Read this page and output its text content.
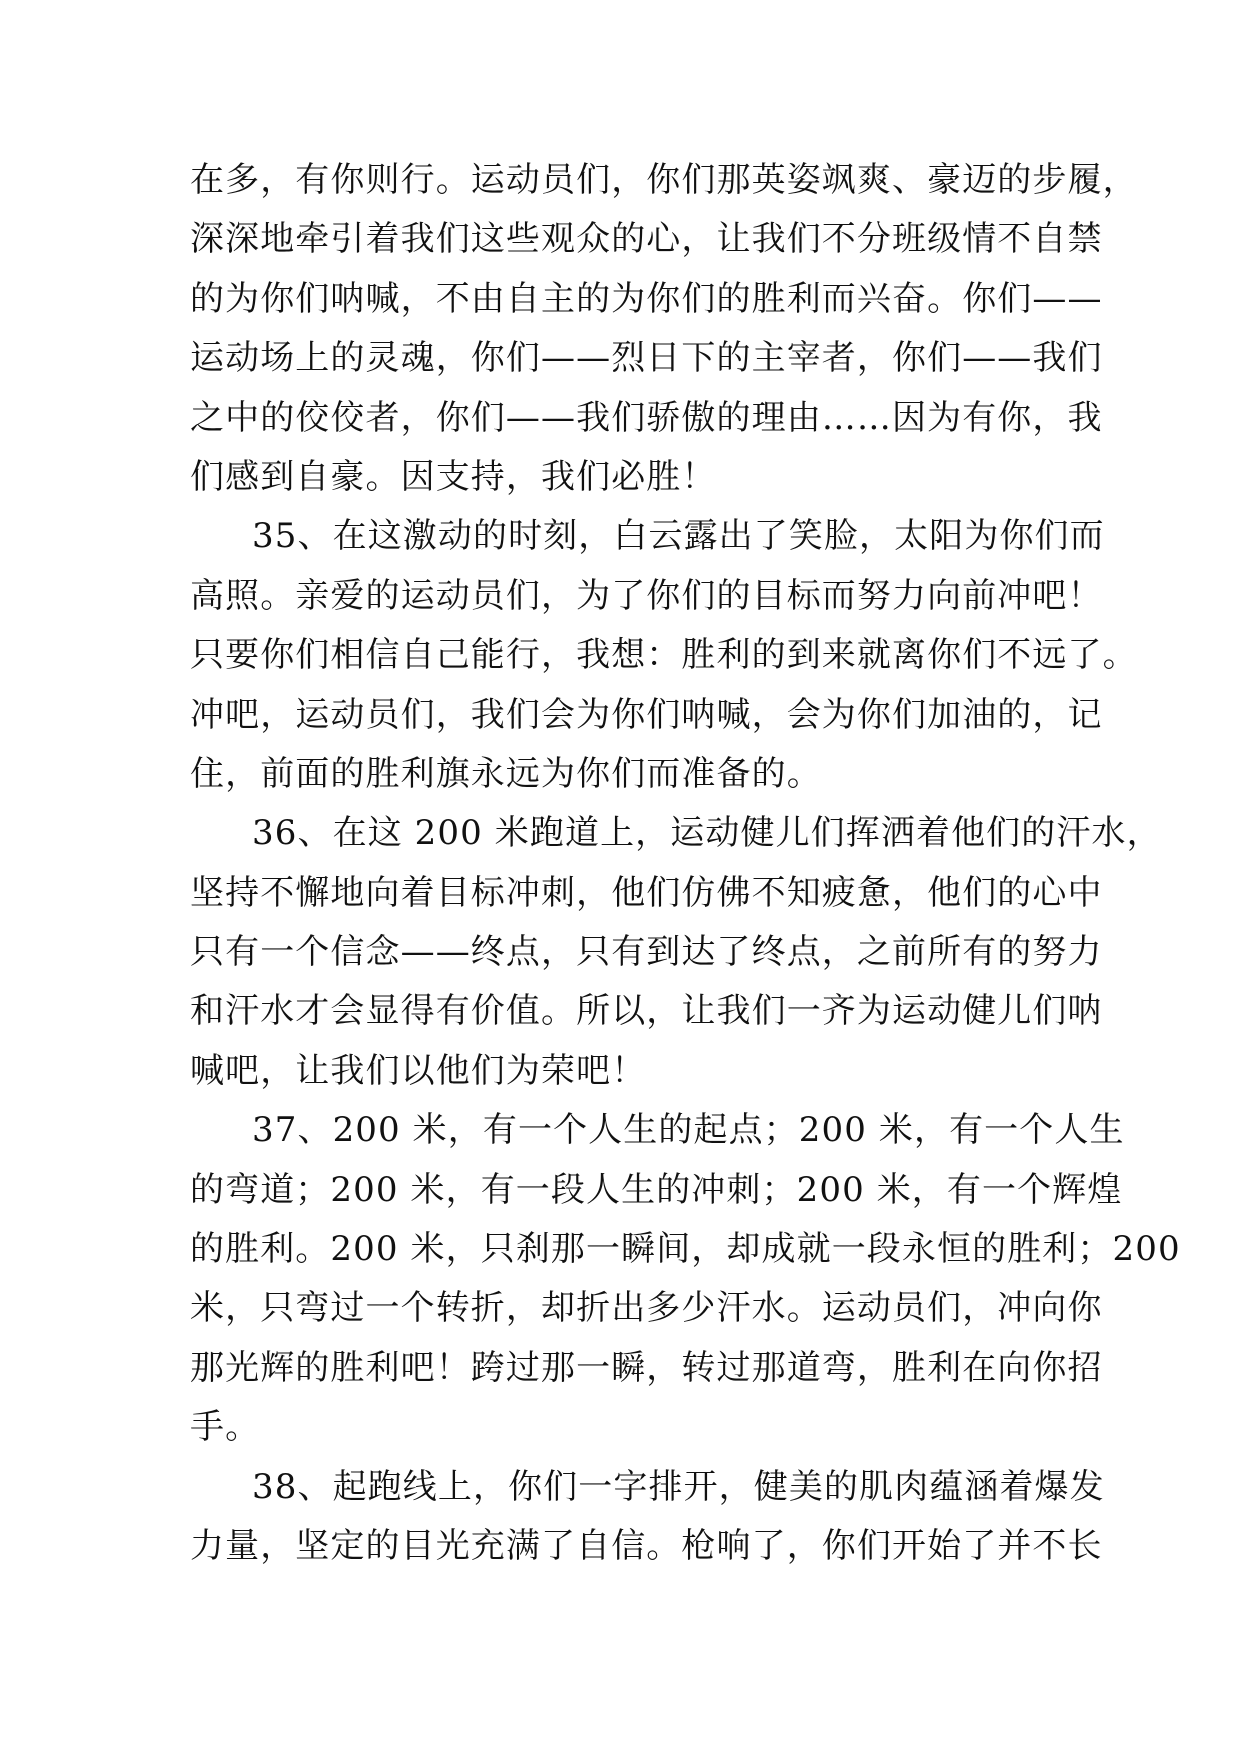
在多，有你则行。运动员们，你们那英姿飒爽、豪迈的步履，
深深地牵引着我们这些观众的心，让我们不分班级情不自禁
的为你们呐喊，不由自主的为你们的胜利而兴奋。你们——
运动场上的灵魂，你们——烈日下的主宰者，你们——我们
之中的佼佼者，你们——我们骄傲的理由……因为有你，我
们感到自豪。因支持，我们必胜！
35、在这激动的时刻，白云露出了笑脸，太阳为你们而
高照。亲爱的运动员们，为了你们的目标而努力向前冲吧！
只要你们相信自己能行，我想：胜利的到来就离你们不远了。
冲吧，运动员们，我们会为你们呐喊，会为你们加油的，记
住，前面的胜利旗永远为你们而准备的。
36、在这 200 米跑道上，运动健儿们挥洒着他们的汗水，
坚持不懈地向着目标冲刺，他们仿佛不知疲惫，他们的心中
只有一个信念——终点，只有到达了终点，之前所有的努力
和汗水才会显得有价值。所以，让我们一齐为运动健儿们呐
喊吧，让我们以他们为荣吧！
37、200 米，有一个人生的起点；200 米，有一个人生
的弯道；200 米，有一段人生的冲刺；200 米，有一个辉煌
的胜利。200 米，只刹那一瞬间，却成就一段永恒的胜利；200
米，只弯过一个转折，却折出多少汗水。运动员们，冲向你
那光辉的胜利吧！跨过那一瞬，转过那道弯，胜利在向你招
手。
38、起跑线上，你们一字排开，健美的肌肉蕴涵着爆发
力量，坚定的目光充满了自信。枪响了，你们开始了并不长
